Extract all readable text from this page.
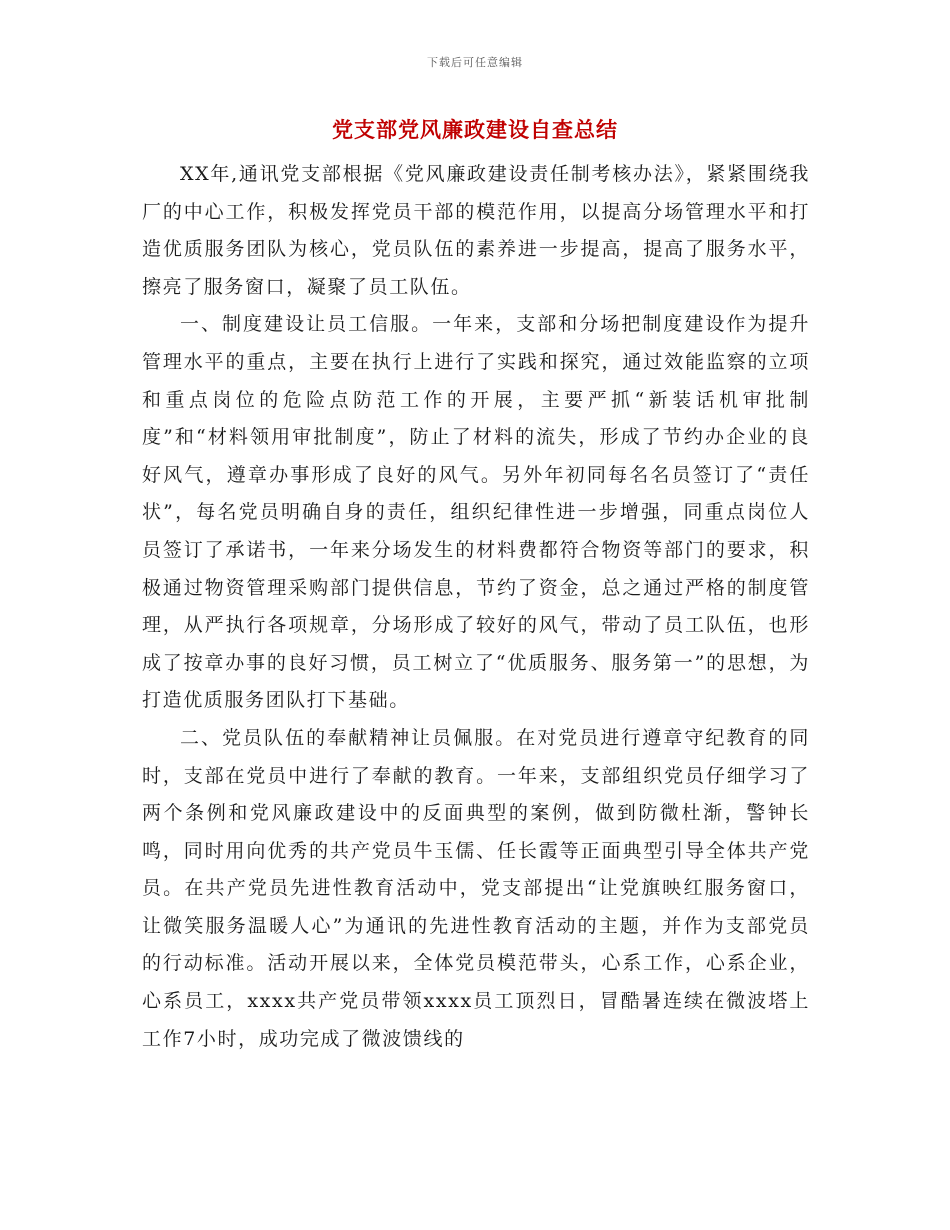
下载后可任意编辑
党支部党风廉政建设自查总结

XX年,通讯党支部根据《党风廉政建设责任制考核办法》，紧紧围绕我厂的中心工作，积极发挥党员干部的模范作用，以提高分场管理水平和打造优质服务团队为核心，党员队伍的素养进一步提高，提高了服务水平，擦亮了服务窗口，凝聚了员工队伍。

一、制度建设让员工信服。一年来，支部和分场把制度建设作为提升管理水平的重点，主要在执行上进行了实践和探究，通过效能监察的立项和重点岗位的危险点防范工作的开展，主要严抓“新装话机审批制度”和“材料领用审批制度”，防止了材料的流失，形成了节约办企业的良好风气，遵章办事形成了良好的风气。另外年初同每名名员签订了“责任状”，每名党员明确自身的责任，组织纪律性进一步增强，同重点岗位人员签订了承诺书，一年来分场发生的材料费都符合物资等部门的要求，积极通过物资管理采购部门提供信息，节约了资金，总之通过严格的制度管理，从严执行各项规章，分场形成了较好的风气，带动了员工队伍，也形成了按章办事的良好习惯，员工树立了“优质服务、服务第一”的思想，为打造优质服务团队打下基础。

二、党员队伍的奉献精神让员佩服。在对党员进行遵章守纪教育的同时，支部在党员中进行了奉献的教育。一年来，支部组织党员仔细学习了两个条例和党风廉政建设中的反面典型的案例，做到防微杜渐，警钟长鸣，同时用向优秀的共产党员牛玉儒、任长霞等正面典型引导全体共产党员。在共产党员先进性教育活动中，党支部提出“让党旗映红服务窗口，让微笑服务温暖人心”为通讯的先进性教育活动的主题，并作为支部党员的行动标准。活动开展以来，全体党员模范带头，心系工作，心系企业，心系员工，xxxx共产党员带领xxxx员工顶烈日，冒酷暑连续在微波塔上工作7小时，成功完成了微波馈线的
